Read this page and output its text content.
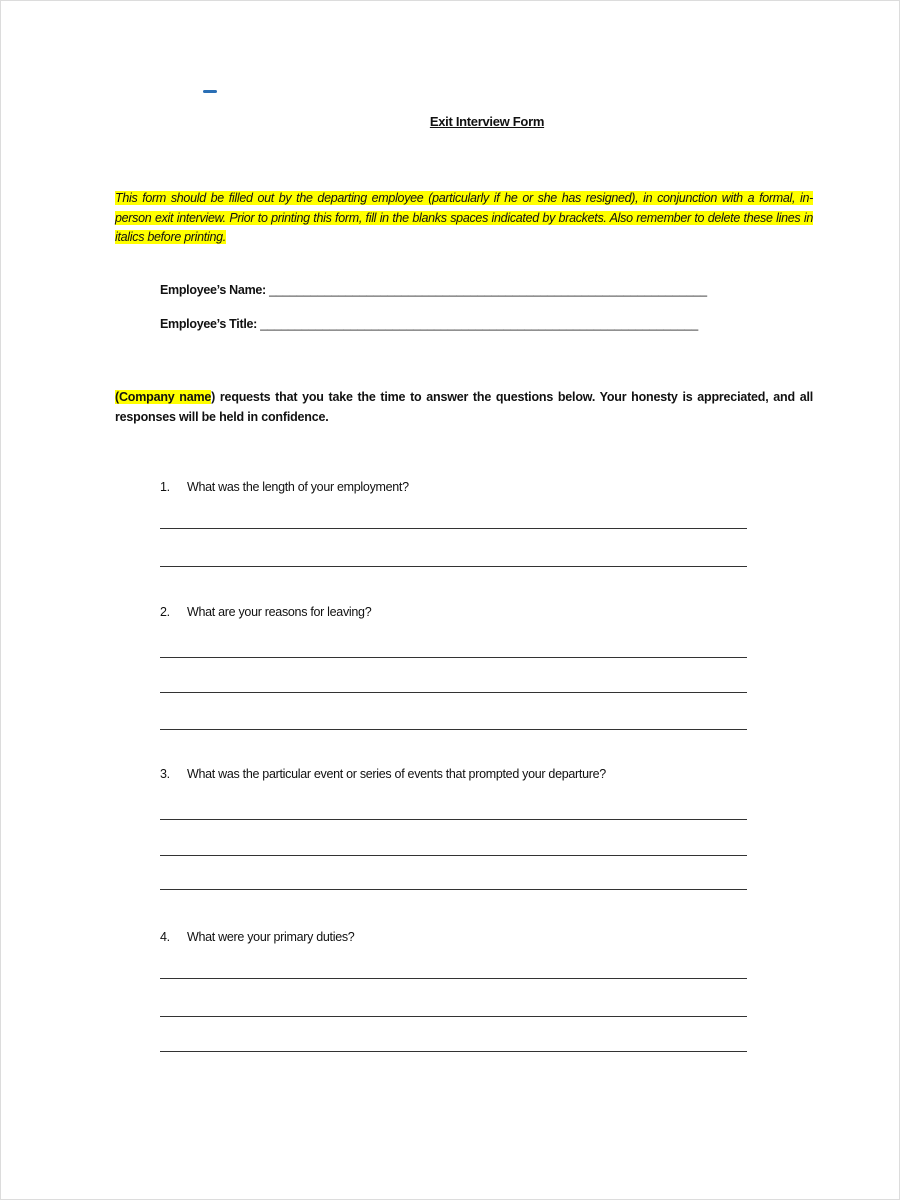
Exit Interview Form
This form should be filled out by the departing employee (particularly if he or she has resigned), in conjunction with a formal, in-person exit interview. Prior to printing this form, fill in the blanks spaces indicated by brackets. Also remember to delete these lines in italics before printing.
Employee’s Name: _______________________________________________________________
Employee’s Title: _______________________________________________________________
(Company name) requests that you take the time to answer the questions below. Your honesty is appreciated, and all responses will be held in confidence.
1. What was the length of your employment?
2. What are your reasons for leaving?
3. What was the particular event or series of events that prompted your departure?
4. What were your primary duties?
